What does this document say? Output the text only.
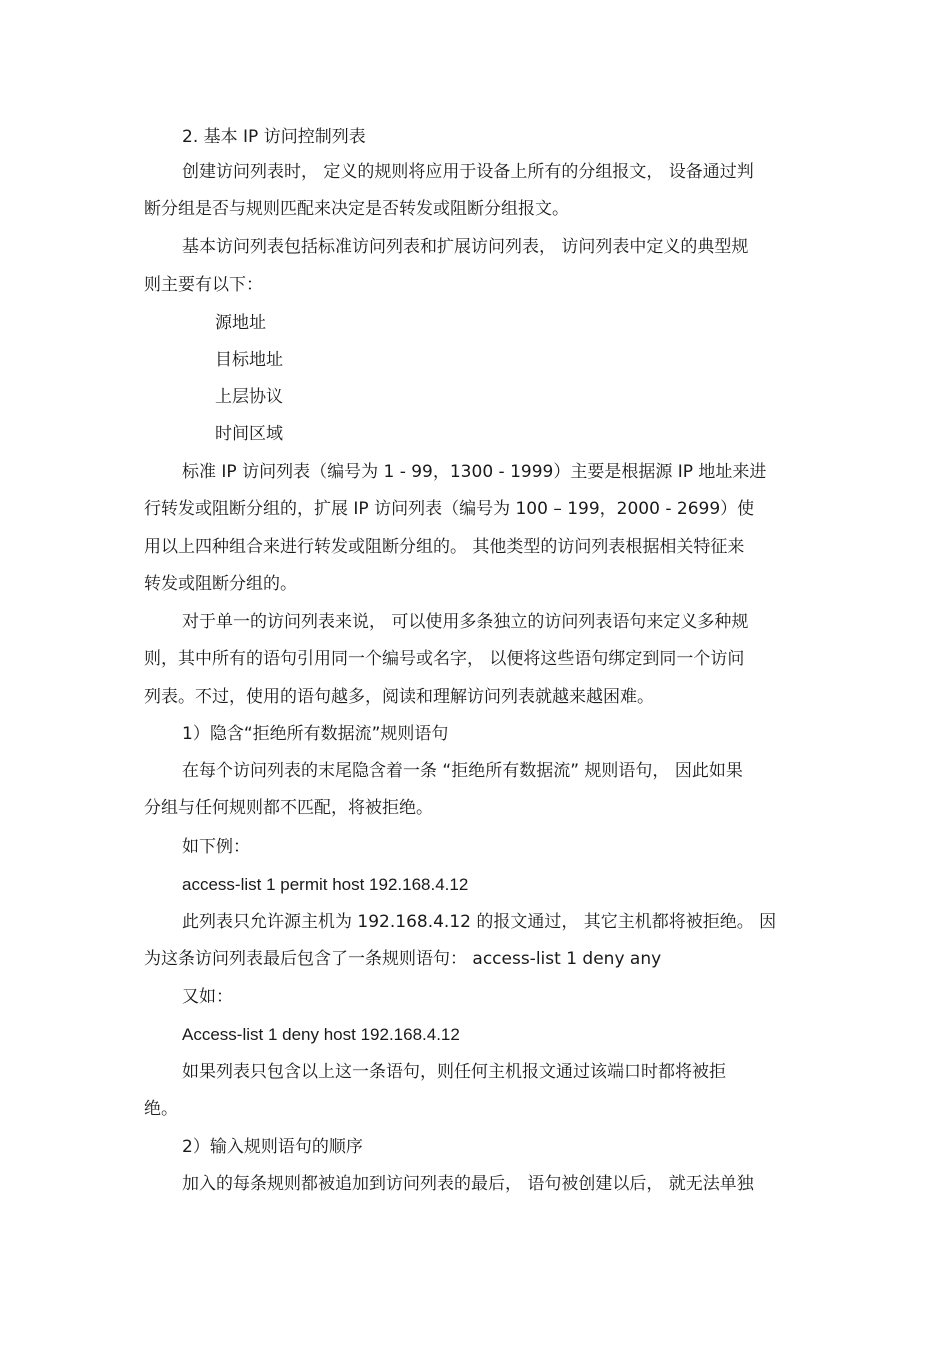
2. 基本 IP 访问控制列表
创建访问列表时， 定义的规则将应用于设备上所有的分组报文， 设备通过判
断分组是否与规则匹配来决定是否转发或阻断分组报文。
基本访问列表包括标准访问列表和扩展访问列表， 访问列表中定义的典型规
则主要有以下：
源地址
目标地址
上层协议
时间区域
标准 IP 访问列表（编号为 1 - 99，1300 - 1999）主要是根据源 IP 地址来进
行转发或阻断分组的，扩展 IP 访问列表（编号为 100 – 199，2000 - 2699）使
用以上四种组合来进行转发或阻断分组的。 其他类型的访问列表根据相关特征来
转发或阻断分组的。
对于单一的访问列表来说， 可以使用多条独立的访问列表语句来定义多种规
则，其中所有的语句引用同一个编号或名字， 以便将这些语句绑定到同一个访问
列表。不过，使用的语句越多，阅读和理解访问列表就越来越困难。
1）隐含“拒绝所有数据流”规则语句
在每个访问列表的末尾隐含着一条 “拒绝所有数据流” 规则语句， 因此如果
分组与任何规则都不匹配，将被拒绝。
如下例：
access-list 1 permit host 192.168.4.12
此列表只允许源主机为 192.168.4.12 的报文通过， 其它主机都将被拒绝。 因
为这条访问列表最后包含了一条规则语句： access-list 1 deny any
又如：
Access-list 1 deny host 192.168.4.12
如果列表只包含以上这一条语句，则任何主机报文通过该端口时都将被拒
绝。
2）输入规则语句的顺序
加入的每条规则都被追加到访问列表的最后， 语句被创建以后， 就无法单独
